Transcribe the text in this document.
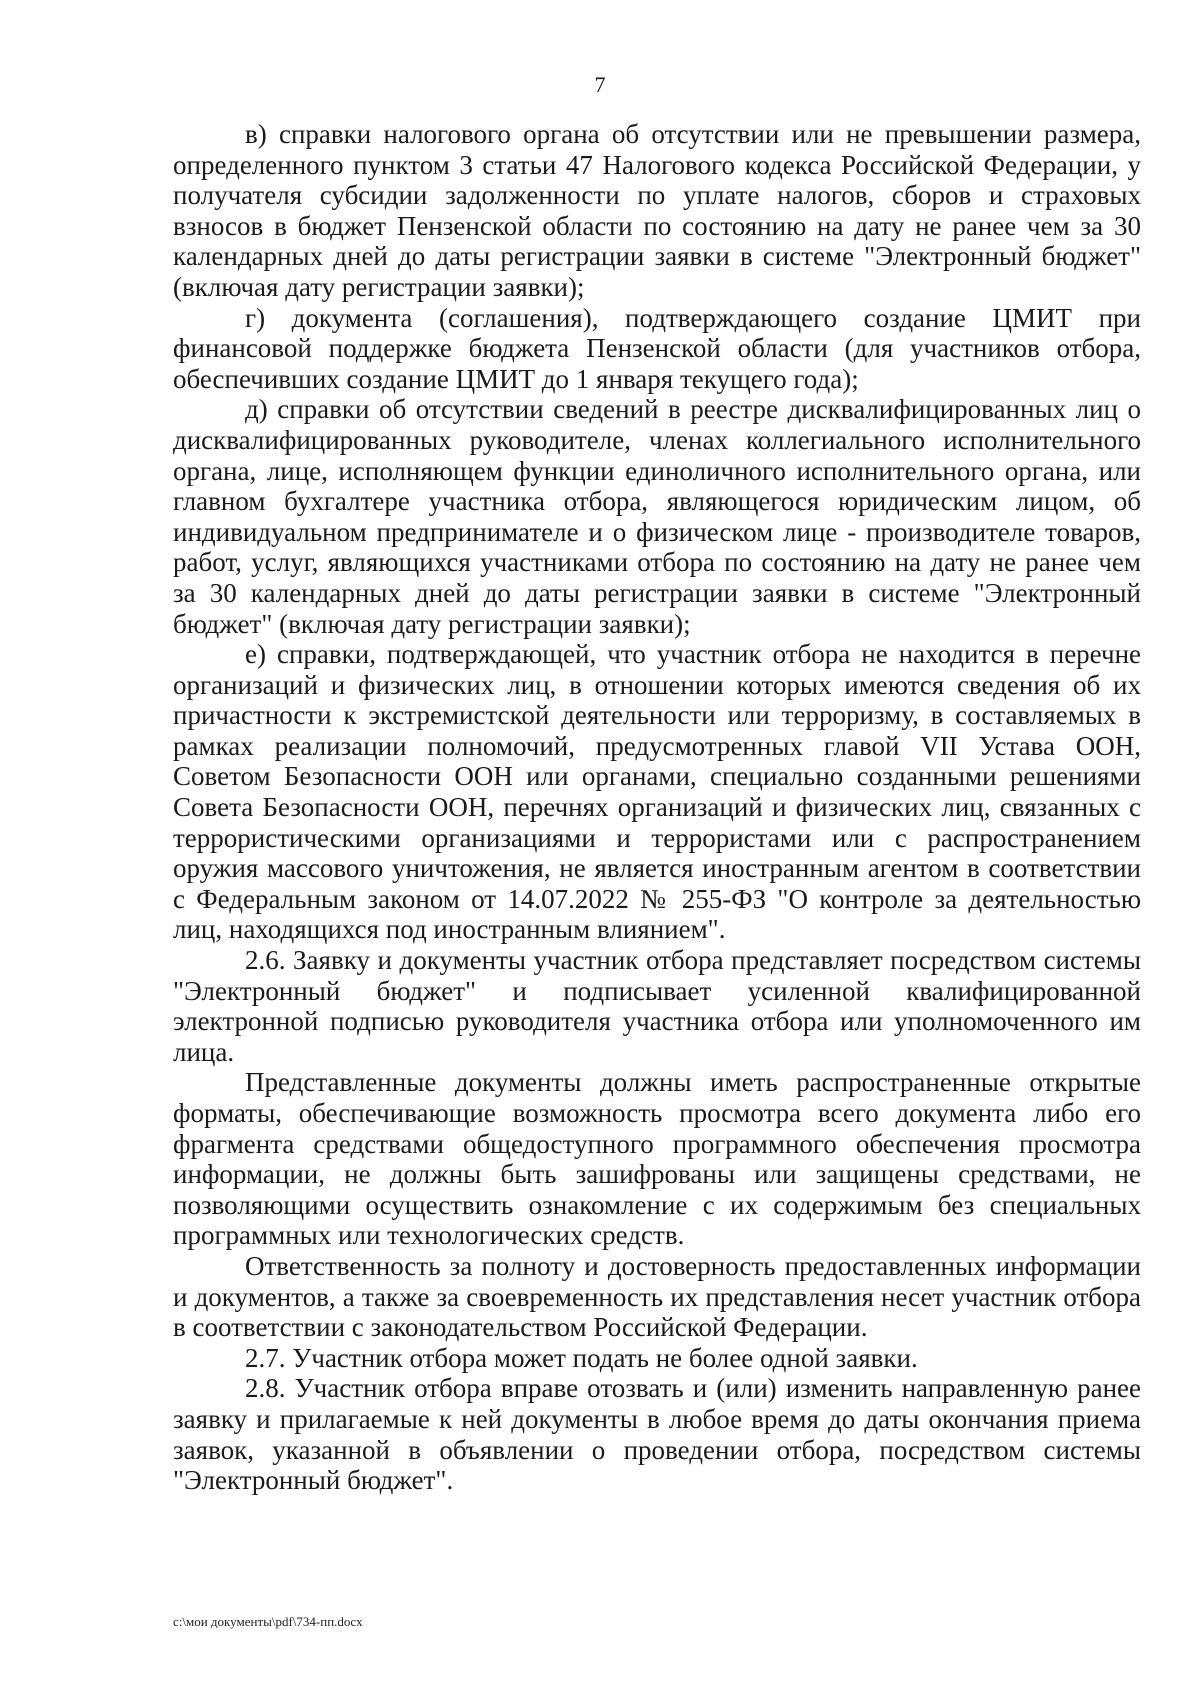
7

в) справки налогового органа об отсутствии или не превышении размера, определенного пунктом 3 статьи 47 Налогового кодекса Российской Федерации, у получателя субсидии задолженности по уплате налогов, сборов и страховых взносов в бюджет Пензенской области по состоянию на дату не ранее чем за 30 календарных дней до даты регистрации заявки в системе "Электронный бюджет" (включая дату регистрации заявки);

г) документа (соглашения), подтверждающего создание ЦМИТ при финансовой поддержке бюджета Пензенской области (для участников отбора, обеспечивших создание ЦМИТ до 1 января текущего года);

д) справки об отсутствии сведений в реестре дисквалифицированных лиц о дисквалифицированных руководителе, членах коллегиального исполнительного органа, лице, исполняющем функции единоличного исполнительного органа, или главном бухгалтере участника отбора, являющегося юридическим лицом, об индивидуальном предпринимателе и о физическом лице - производителе товаров, работ, услуг, являющихся участниками отбора по состоянию на дату не ранее чем за 30 календарных дней до даты регистрации заявки в системе "Электронный бюджет" (включая дату регистрации заявки);

е) справки, подтверждающей, что участник отбора не находится в перечне организаций и физических лиц, в отношении которых имеются сведения об их причастности к экстремистской деятельности или терроризму, в составляемых в рамках реализации полномочий, предусмотренных главой VII Устава ООН, Советом Безопасности ООН или органами, специально созданными решениями Совета Безопасности ООН, перечнях организаций и физических лиц, связанных с террористическими организациями и террористами или с распространением оружия массового уничтожения, не является иностранным агентом в соответствии с Федеральным законом от 14.07.2022 № 255-ФЗ "О контроле за деятельностью лиц, находящихся под иностранным влиянием".

2.6. Заявку и документы участник отбора представляет посредством системы "Электронный бюджет" и подписывает усиленной квалифицированной электронной подписью руководителя участника отбора или уполномоченного им лица.

Представленные документы должны иметь распространенные открытые форматы, обеспечивающие возможность просмотра всего документа либо его фрагмента средствами общедоступного программного обеспечения просмотра информации, не должны быть зашифрованы или защищены средствами, не позволяющими осуществить ознакомление с их содержимым без специальных программных или технологических средств.

Ответственность за полноту и достоверность предоставленных информации и документов, а также за своевременность их представления несет участник отбора в соответствии с законодательством Российской Федерации.

2.7. Участник отбора может подать не более одной заявки.

2.8. Участник отбора вправе отозвать и (или) изменить направленную ранее заявку и прилагаемые к ней документы в любое время до даты окончания приема заявок, указанной в объявлении о проведении отбора, посредством системы "Электронный бюджет".

c:\мои документы\pdf\734-пп.docx
